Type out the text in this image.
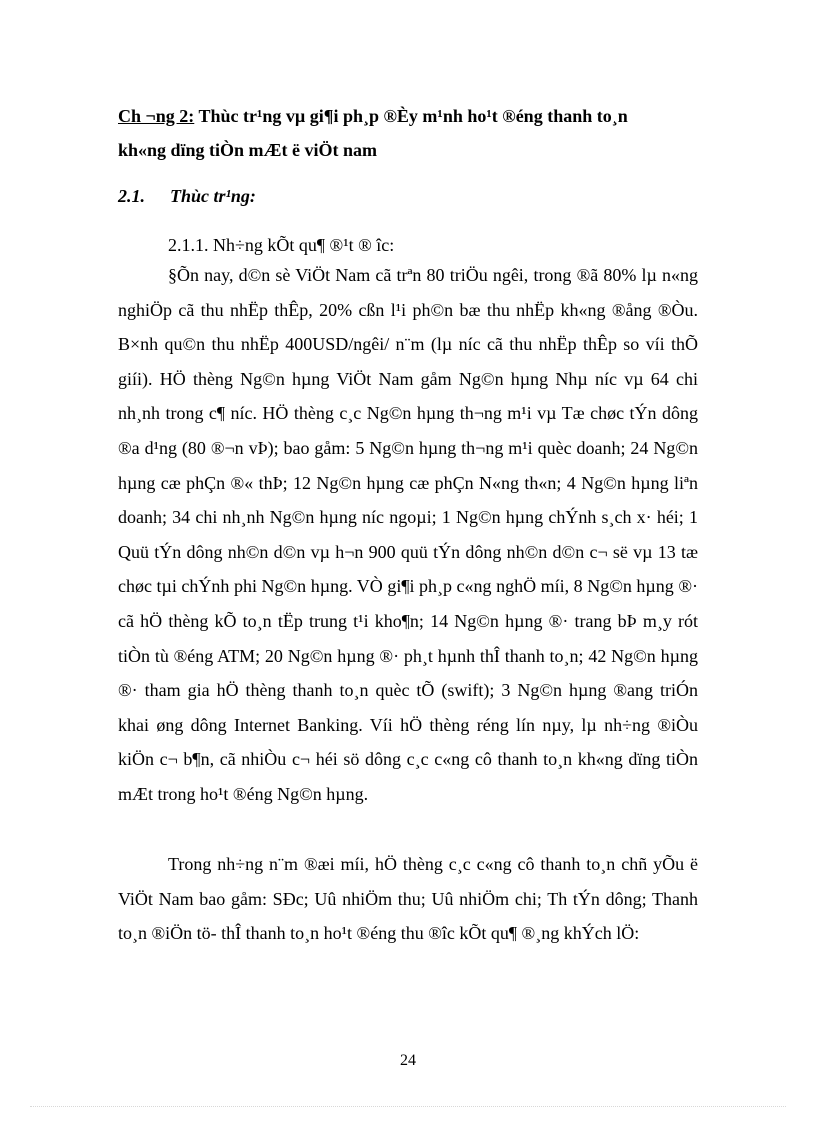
Ch ¬ng 2: Thùc tr¹ng vµ gi¶i ph¸p ®Èy m¹nh ho¹t ®éng thanh to¸n

kh«ng dïng tiÒn mÆt ë viÖt nam

2.1. Thùc tr¹ng:

2.1.1. Nh÷ng kÕt qu¶ ®¹t ® îc:

§Õn nay, d©n sè ViÖt Nam cã trªn 80 triÖu ngêi, trong ®ã 80% lµ n«ng nghiÖp cã thu nhËp thÊp, 20% cßn l¹i ph©n bæ thu nhËp kh«ng ®ång ®Òu. B×nh qu©n thu nhËp 400USD/ngêi/ n¨m (lµ níc cã thu nhËp thÊp so víi thÕ giíi). HÖ thèng Ng©n hµng ViÖt Nam gåm Ng©n hµng Nhµ níc vµ 64 chi nh¸nh trong c¶ níc. HÖ thèng c¸c Ng©n hµng th¬ng m¹i vµ Tæ chøc tÝn dông ®a d¹ng (80 ®¬n vÞ); bao gåm: 5 Ng©n hµng th¬ng m¹i quèc doanh; 24 Ng©n hµng cæ phÇn ®« thÞ; 12 Ng©n hµng cæ phÇn N«ng th«n; 4 Ng©n hµng liªn doanh; 34 chi nh¸nh Ng©n hµng níc ngoµi; 1 Ng©n hµng chÝnh s¸ch x· héi; 1 Quü tÝn dông nh©n d©n vµ h¬n 900 quü tÝn dông nh©n d©n c¬ së vµ 13 tæ chøc tµi chÝnh phi Ng©n hµng. VÒ gi¶i ph¸p c«ng nghÖ míi, 8 Ng©n hµng ®· cã hÖ thèng kÕ to¸n tËp trung t¹i kho¶n; 14 Ng©n hµng ®· trang bÞ m¸y rót tiÒn tù ®éng ATM; 20 Ng©n hµng ®· ph¸t hµnh thÎ thanh to¸n; 42 Ng©n hµng ®· tham gia hÖ thèng thanh to¸n quèc tÕ (swift); 3 Ng©n hµng ®ang triÓn khai øng dông Internet Banking. Víi hÖ thèng réng lín nµy, lµ nh÷ng ®iÒu kiÖn c¬ b¶n, cã nhiÒu c¬ héi sö dông c¸c c«ng cô thanh to¸n kh«ng dïng tiÒn mÆt trong ho¹t ®éng Ng©n hµng.

Trong nh÷ng n¨m ®æi míi, hÖ thèng c¸c c«ng cô thanh to¸n chñ yÕu ë ViÖt Nam bao gåm: SÐc; Uû nhiÖm thu; Uû nhiÖm chi; Th tÝn dông; Thanh to¸n ®iÖn tö- thÎ thanh to¸n ho¹t ®éng thu ®îc kÕt qu¶ ®¸ng khÝch lÖ:

24
